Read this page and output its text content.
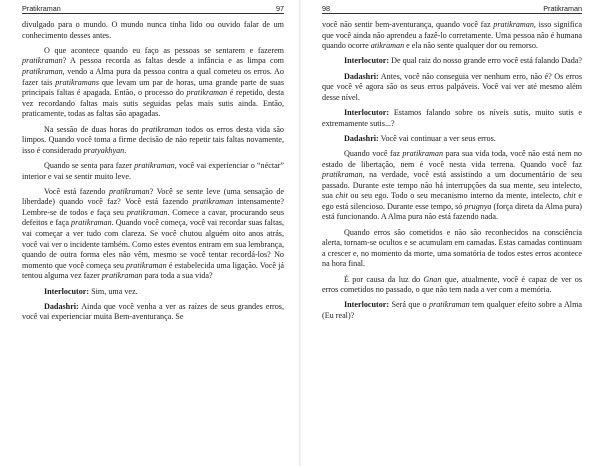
Pratikraman	97

divulgado para o mundo. O mundo nunca tinha lido ou ouvido falar de um conhecimento desses antes.

O que acontece quando eu faço as pessoas se sentarem e fazerem pratikraman? A pessoa recorda as faltas desde a infância e as limpa com pratikraman, vendo a Alma pura da pessoa contra a qual cometeu os erros. Ao fazer tais pratikramans que levam um par de horas, uma grande parte de suas principais faltas é apagada. Então, o processo do pratikraman é repetido, desta vez recordando faltas mais sutis seguidas pelas mais sutis ainda. Então, praticamente, todas as faltas são apagadas.

Na sessão de duas horas do pratikraman todos os erros desta vida são limpos. Quando você toma a firme decisão de não repetir tais faltas novamente, isso é considerado pratyakhyan.

Quando se senta para fazer pratikraman, você vai experienciar o “néctar” interior e vai se sentir muito leve.

Você está fazendo pratikraman? Você se sente leve (uma sensação de liberdade) quando você faz? Você está fazendo pratikraman intensamente? Lembre-se de todos e faça seu pratikraman. Comece a cavar, procurando seus defeitos e faça pratikraman. Quando você começa, você vai recordar suas faltas, vai começar a ver tudo com clareza. Se você chutou alguém oito anos atrás, você vai ver o incidente também. Como estes eventos entram em sua lembrança, quando de outra forma eles não vêm, mesmo se você tentar recordá-los? No momento que você começa seu pratikraman é estabelecida uma ligação. Você já tentou alguma vez fazer pratikraman para toda a sua vida?

Interlocutor: Sim, uma vez.

Dadashri: Ainda que você venha a ver as raízes de seus grandes erros, você vai experienciar muita Bem-aventurança. Se

98	Pratikraman

você não sentir bem-aventurança, quando você faz pratikraman, isso significa que você ainda não aprendeu a fazê-lo corretamente. Uma pessoa não é humana quando ocorre atikraman e ela não sente qualquer dor ou remorso.

Interlocutor: De qual raiz do nosso grande erro você está falando Dada?

Dadashri: Antes, você não conseguia ver nenhum erro, não é? Os erros que você vê agora são os seus erros palpáveis. Você vai ver até mesmo além desse nível.

Interlocutor: Estamos falando sobre os níveis sutis, muito sutis e extremamente sutis...?

Dadashri: Você vai continuar a ver seus erros.

Quando você faz pratikraman para sua vida toda, você não está nem no estado de libertação, nem é você nesta vida terrena. Quando você faz pratikraman, na verdade, você está assistindo a um documentário de seu passado. Durante este tempo não há interrupções da sua mente, seu intelecto, sua chit ou seu ego. Todo o seu mecanismo interno da mente, intelecto, chit e ego está silencioso. Durante esse tempo, só prugnya (força direta da Alma pura) está funcionando. A Alma pura não está fazendo nada.

Quando erros são cometidos e não são reconhecidos na consciência alerta, tornam-se ocultos e se acumulam em camadas. Estas camadas continuam a crescer e, no momento da morte, uma somatória de todos estes erros acontece na hora final.

É por causa da luz do Gnan que, atualmente, você é capaz de ver os erros cometidos no passado, o que não tem nada a ver com a memória.

Interlocutor: Será que o pratikraman tem qualquer efeito sobre a Alma (Eu real)?
